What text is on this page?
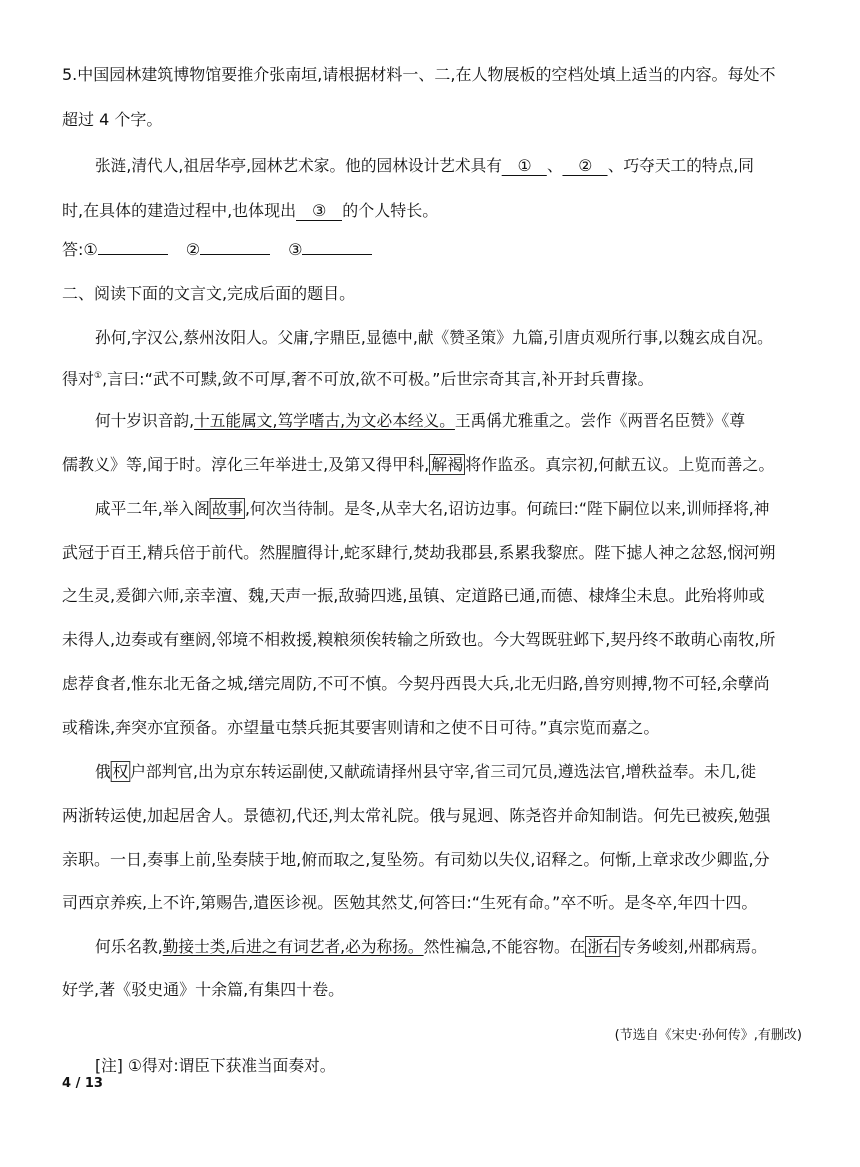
5.中国园林建筑博物馆要推介张南垣,请根据材料一、二,在人物展板的空档处填上适当的内容。每处不
超过 4 个字。
张涟,清代人,祖居华亭,园林艺术家。他的园林设计艺术具有 ① 、 ② 、巧夺天工的特点,同
时,在具体的建造过程中,也体现出 ③ 的个人特长。
答:①	②	③
二、阅读下面的文言文,完成后面的题目。
孙何,字汉公,蔡州汝阳人。父庸,字鼎臣,显德中,献《赞圣策》九篇,引唐贞观所行事,以魏玄成自况。
得对①,言曰:“武不可黩,敛不可厚,奢不可放,欲不可极。”后世宗奇其言,补开封兵曹掾。
何十岁识音韵,十五能属文,笃学嗜古,为文必本经义。王禹偁尤雅重之。尝作《两晋名臣赞》《尊
儒教义》等,闻于时。淳化三年举进士,及第又得甲科, 解褐 将作监丞。真宗初,何献五议。上览而善之。
咸平二年,举入阁 故事 ,何次当待制。是冬,从幸大名,诏访边事。何疏曰:“陛下嗣位以来,训师择将,神
武冠于百王,精兵倍于前代。然腥膻得计,蛇豕肆行,焚劫我郡县,系累我黎庶。陛下摅人神之忿怒,悯河朔
之生灵,爰御六师,亲幸澶、魏,天声一振,敌骑四逃,虽镇、定道路已通,而德、棣烽尘未息。此殆将帅或
未得人,边奏或有壅阏,邻境不相救援,糗粮须俟转输之所致也。今大驾既驻邺下,契丹终不敢萌心南牧,所
虑荐食者,惟东北无备之城,缮完周防,不可不慎。今契丹西畏大兵,北无归路,兽穷则搏,物不可轻,余孽尚
或稽诛,奔突亦宜预备。亦望量屯禁兵扼其要害则请和之使不日可待。”真宗览而嘉之。
俄 权 户部判官,出为京东转运副使,又献疏请择州县守宰,省三司冗员,遵选法官,增秩益奉。未几,徙
两浙转运使,加起居舍人。景德初,代还,判太常礼院。俄与晁迥、陈尧咨并命知制诰。何先已被疾,勉强
亲职。一日,奏事上前,坠奏牍于地,俯而取之,复坠笏。有司劾以失仪,诏释之。何惭,上章求改少卿监,分
司西京养疾,上不许,第赐告,遣医诊视。医勉其然艾,何答曰:“生死有命。”卒不听。是冬卒,年四十四。
何乐名教,勤接士类,后进之有词艺者,必为称扬。然性褊急,不能容物。在 浙右 专务峻刻,州郡病焉。
好学,著《驳史通》十余篇,有集四十卷。
(节选自《宋史·孙何传》,有删改)
[注] ①得对:谓臣下获准当面奏对。
4 / 13
